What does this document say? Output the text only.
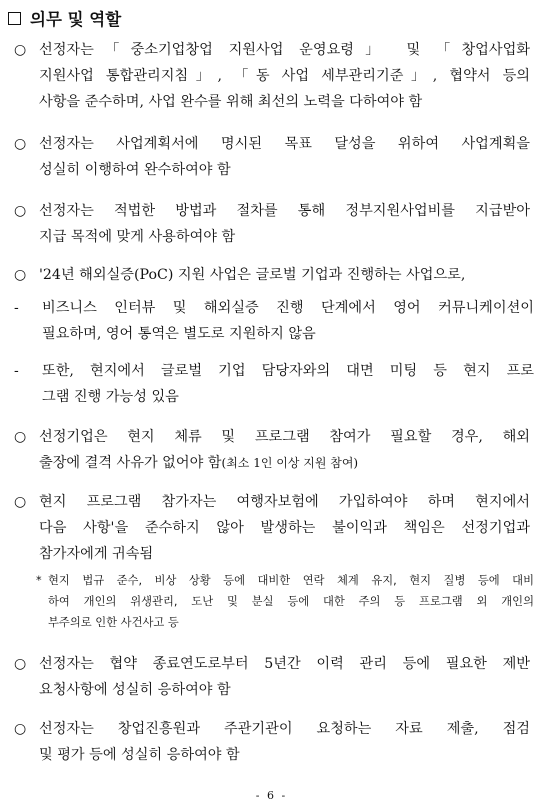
의무 및 역할
○ 선정자는「중소기업창업 지원사업 운영요령」 및 「창업사업화
지원사업 통합관리지침」, 「동 사업 세부관리기준」, 협약서 등의
사항을 준수하며, 사업 완수를 위해 최선의 노력을 다하여야 함
○ 선정자는 사업계획서에 명시된 목표 달성을 위하여 사업계획을
성실히 이행하여 완수하여야 함
○ 선정자는 적법한 방법과 절차를 통해 정부지원사업비를 지급받아
지급 목적에 맞게 사용하여야 함
○ '24년 해외실증(PoC) 지원 사업은 글로벌 기업과 진행하는 사업으로,
- 비즈니스 인터뷰 및 해외실증 진행 단계에서 영어 커뮤니케이션이
필요하며, 영어 통역은 별도로 지원하지 않음
- 또한, 현지에서 글로벌 기업 담당자와의 대면 미팅 등 현지 프로
그램 진행 가능성 있음
○ 선정기업은 현지 체류 및 프로그램 참여가 필요할 경우, 해외
출장에 결격 사유가 없어야 함(최소 1인 이상 지원 참여)
○ 현지 프로그램 참가자는 여행자보험에 가입하여야 하며 현지에서
다음 사항'을 준수하지 않아 발생하는 불이익과 책임은 선정기업과
참가자에게 귀속됨
* 현지 법규 준수, 비상 상황 등에 대비한 연락 체계 유지, 현지 질병 등에 대비
하여 개인의 위생관리, 도난 및 분실 등에 대한 주의 등 프로그램 외 개인의
부주의로 인한 사건사고 등
○ 선정자는 협약 종료연도로부터 5년간 이력 관리 등에 필요한 제반
요청사항에 성실히 응하여야 함
○ 선정자는 창업진흥원과 주관기관이 요청하는 자료 제출, 점검
및 평가 등에 성실히 응하여야 함
- 6 -
